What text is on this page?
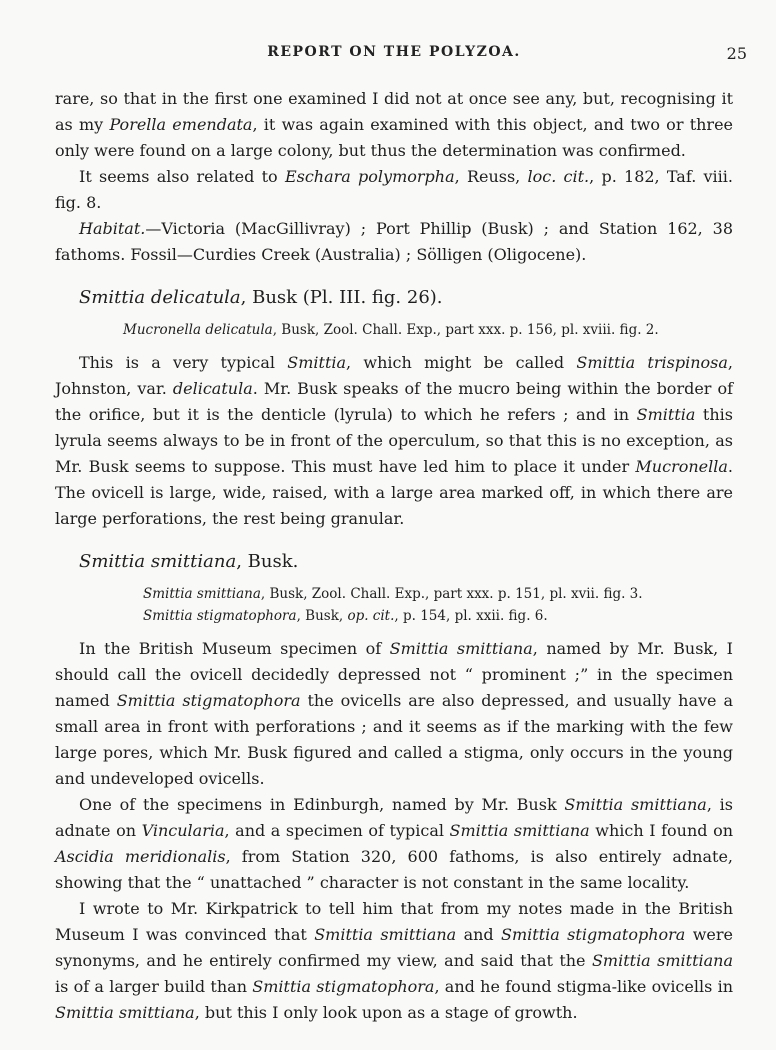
REPORT ON THE POLYZOA.	25
rare, so that in the first one examined I did not at once see any, but, recognising it as my Porella emendata, it was again examined with this object, and two or three only were found on a large colony, but thus the determination was confirmed.
It seems also related to Eschara polymorpha, Reuss, loc. cit., p. 182, Taf. viii. fig. 8.
Habitat.—Victoria (MacGillivray) ; Port Phillip (Busk) ; and Station 162, 38 fathoms. Fossil—Curdies Creek (Australia) ; Sölligen (Oligocene).
Smittia delicatula, Busk (Pl. III. fig. 26).
Mucronella delicatula, Busk, Zool. Chall. Exp., part xxx. p. 156, pl. xviii. fig. 2.
This is a very typical Smittia, which might be called Smittia trispinosa, Johnston, var. delicatula. Mr. Busk speaks of the mucro being within the border of the orifice, but it is the denticle (lyrula) to which he refers ; and in Smittia this lyrula seems always to be in front of the operculum, so that this is no exception, as Mr. Busk seems to suppose. This must have led him to place it under Mucronella. The ovicell is large, wide, raised, with a large area marked off, in which there are large perforations, the rest being granular.
Smittia smittiana, Busk.
Smittia smittiana, Busk, Zool. Chall. Exp., part xxx. p. 151, pl. xvii. fig. 3.
Smittia stigmatophora, Busk, op. cit., p. 154, pl. xxii. fig. 6.
In the British Museum specimen of Smittia smittiana, named by Mr. Busk, I should call the ovicell decidedly depressed not “ prominent ;” in the specimen named Smittia stigmatophora the ovicells are also depressed, and usually have a small area in front with perforations ; and it seems as if the marking with the few large pores, which Mr. Busk figured and called a stigma, only occurs in the young and undeveloped ovicells.
One of the specimens in Edinburgh, named by Mr. Busk Smittia smittiana, is adnate on Vincularia, and a specimen of typical Smittia smittiana which I found on Ascidia meridionalis, from Station 320, 600 fathoms, is also entirely adnate, showing that the “ unattached ” character is not constant in the same locality.
I wrote to Mr. Kirkpatrick to tell him that from my notes made in the British Museum I was convinced that Smittia smittiana and Smittia stigmatophora were synonyms, and he entirely confirmed my view, and said that the Smittia smittiana is of a larger build than Smittia stigmatophora, and he found stigma-like ovicells in Smittia smittiana, but this I only look upon as a stage of growth.
